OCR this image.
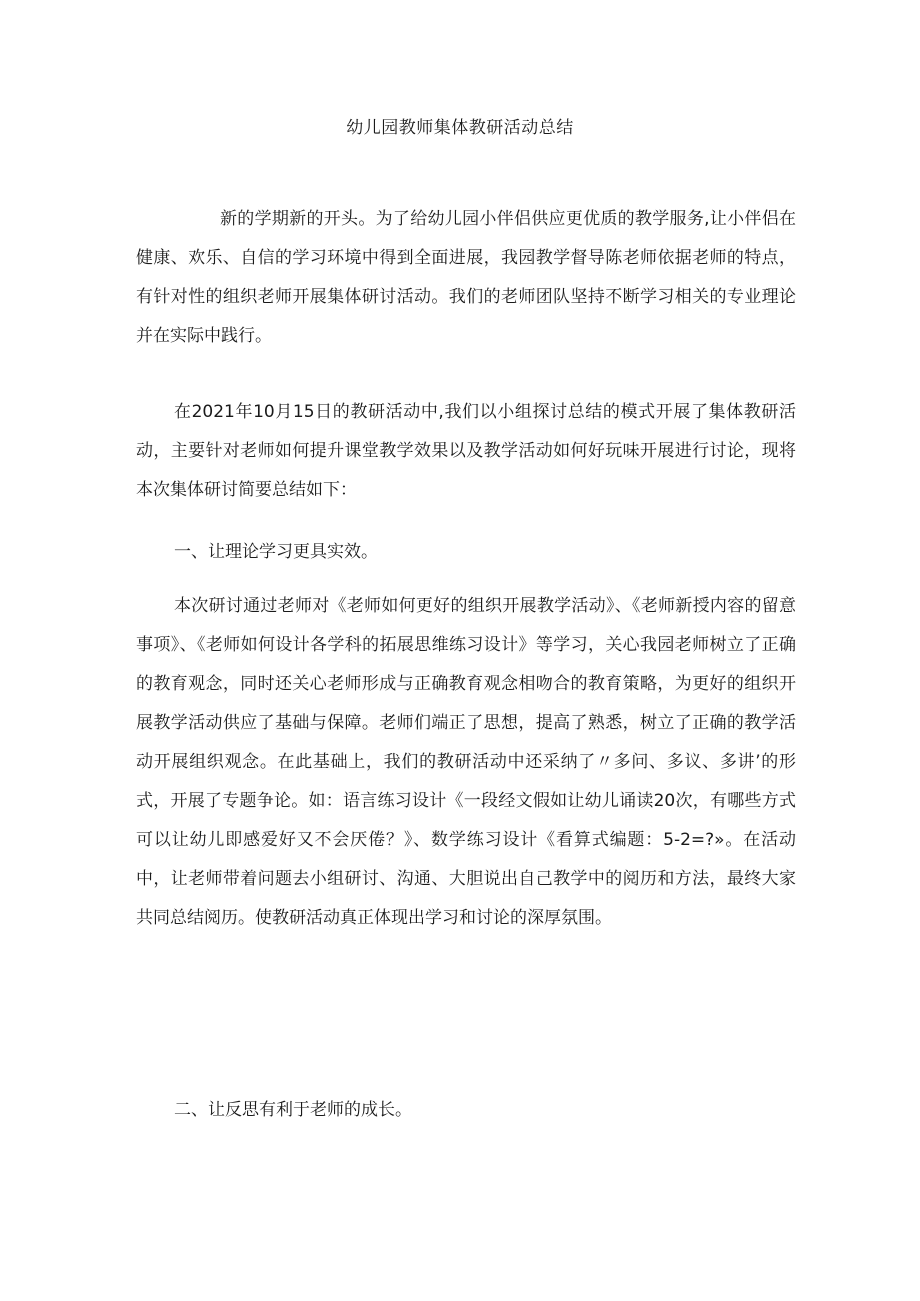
幼儿园教师集体教研活动总结

新的学期新的开头。为了给幼儿园小伴侣供应更优质的教学服务,让小伴侣在健康、欢乐、自信的学习环境中得到全面进展，我园教学督导陈老师依据老师的特点，有针对性的组织老师开展集体研讨活动。我们的老师团队坚持不断学习相关的专业理论并在实际中践行。

在2021年10月15日的教研活动中,我们以小组探讨总结的模式开展了集体教研活动，主要针对老师如何提升课堂教学效果以及教学活动如何好玩味开展进行讨论，现将本次集体研讨简要总结如下：

一、让理论学习更具实效。

本次研讨通过老师对《老师如何更好的组织开展教学活动》、《老师新授内容的留意事项》、《老师如何设计各学科的拓展思维练习设计》等学习，关心我园老师树立了正确的教育观念，同时还关心老师形成与正确教育观念相吻合的教育策略，为更好的组织开展教学活动供应了基础与保障。老师们端正了思想，提高了熟悉，树立了正确的教学活动开展组织观念。在此基础上，我们的教研活动中还采纳了〃多问、多议、多讲’的形式，开展了专题争论。如：语言练习设计《一段经文假如让幼儿诵读20次，有哪些方式可以让幼儿即感爱好又不会厌倦？》、数学练习设计《看算式编题：5-2=?»。在活动中，让老师带着问题去小组研讨、沟通、大胆说出自己教学中的阅历和方法，最终大家共同总结阅历。使教研活动真正体现出学习和讨论的深厚氛围。

二、让反思有利于老师的成长。
